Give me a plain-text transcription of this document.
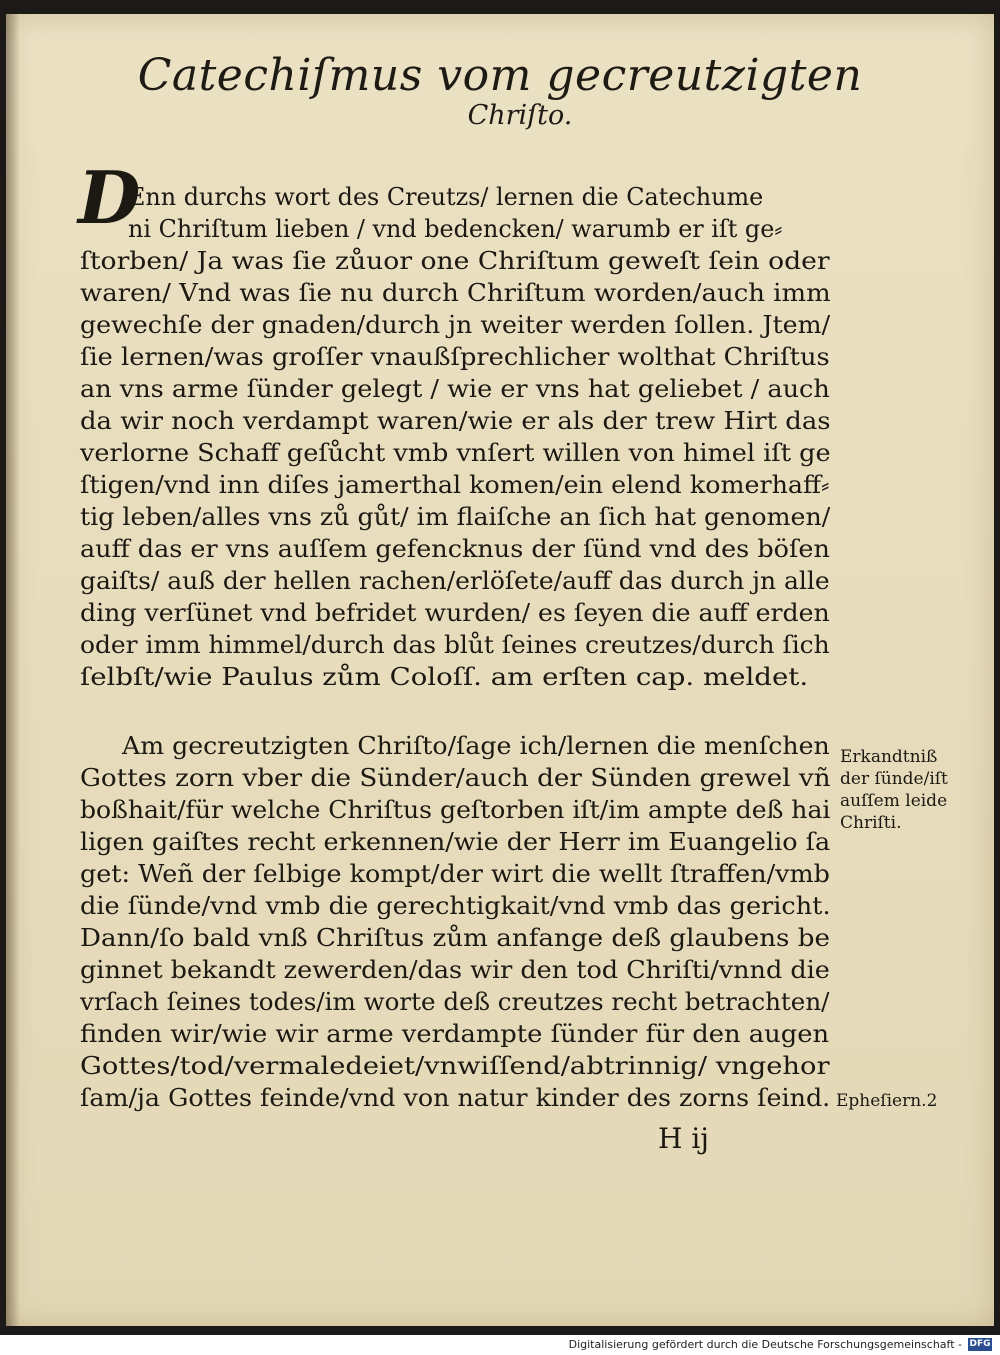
Catechiſmus vom gecreutzigten
Chriſto.
D
Enn durchs wort des Creutzs/ lernen die Catechume
ni Chriſtum lieben / vnd bedencken/ warumb er iſt ge⸗
ſtorben/ Ja was ſie zůuor one Chriſtum geweſt ſein oder
waren/ Vnd was ſie nu durch Chriſtum worden/auch imm
gewechſe der gnaden/durch jn weiter werden ſollen. Jtem/
ſie lernen/was groſſer vnaußſprechlicher wolthat Chriſtus
an vns arme ſünder gelegt / wie er vns hat geliebet / auch
da wir noch verdampt waren/wie er als der trew Hirt das
verlorne Schaff geſůcht vmb vnſert willen von himel iſt ge
ſtigen/vnd inn diſes jamerthal komen/ein elend komerhaff⸗
tig leben/alles vns zů gůt/ im flaiſche an ſich hat genomen/
auff das er vns auſſem gefencknus der ſünd vnd des böſen
gaiſts/ auß der hellen rachen/erlöſete/auff das durch jn alle
ding verſünet vnd befridet wurden/ es ſeyen die auff erden
oder imm himmel/durch das blůt ſeines creutzes/durch ſich
ſelbſt/wie Paulus zům Coloſſ. am erſten cap. meldet.
Am gecreutzigten Chriſto/ſage ich/lernen die menſchen
Gottes zorn vber die Sünder/auch der Sünden grewel vñ
boßhait/für welche Chriſtus geſtorben iſt/im ampte deß hai
ligen gaiſtes recht erkennen/wie der Herr im Euangelio ſa
get: Weñ der ſelbige kompt/der wirt die wellt ſtraffen/vmb
die ſünde/vnd vmb die gerechtigkait/vnd vmb das gericht.
Dann/ſo bald vnß Chriſtus zům anfange deß glaubens be
ginnet bekandt zewerden/das wir den tod Chriſti/vnnd die
vrſach ſeines todes/im worte deß creutzes recht betrachten/
finden wir/wie wir arme verdampte ſünder für den augen
Gottes/tod/vermaledeiet/vnwiſſend/abtrinnig/ vngehor
ſam/ja Gottes feinde/vnd von natur kinder des zorns ſeind.
Erkandtniß
der ſünde/iſt
auſſem leide
Chriſti.
Epheſiern.2
H ij
Digitalisierung gefördert durch die Deutsche Forschungsgemeinschaft - DFG
